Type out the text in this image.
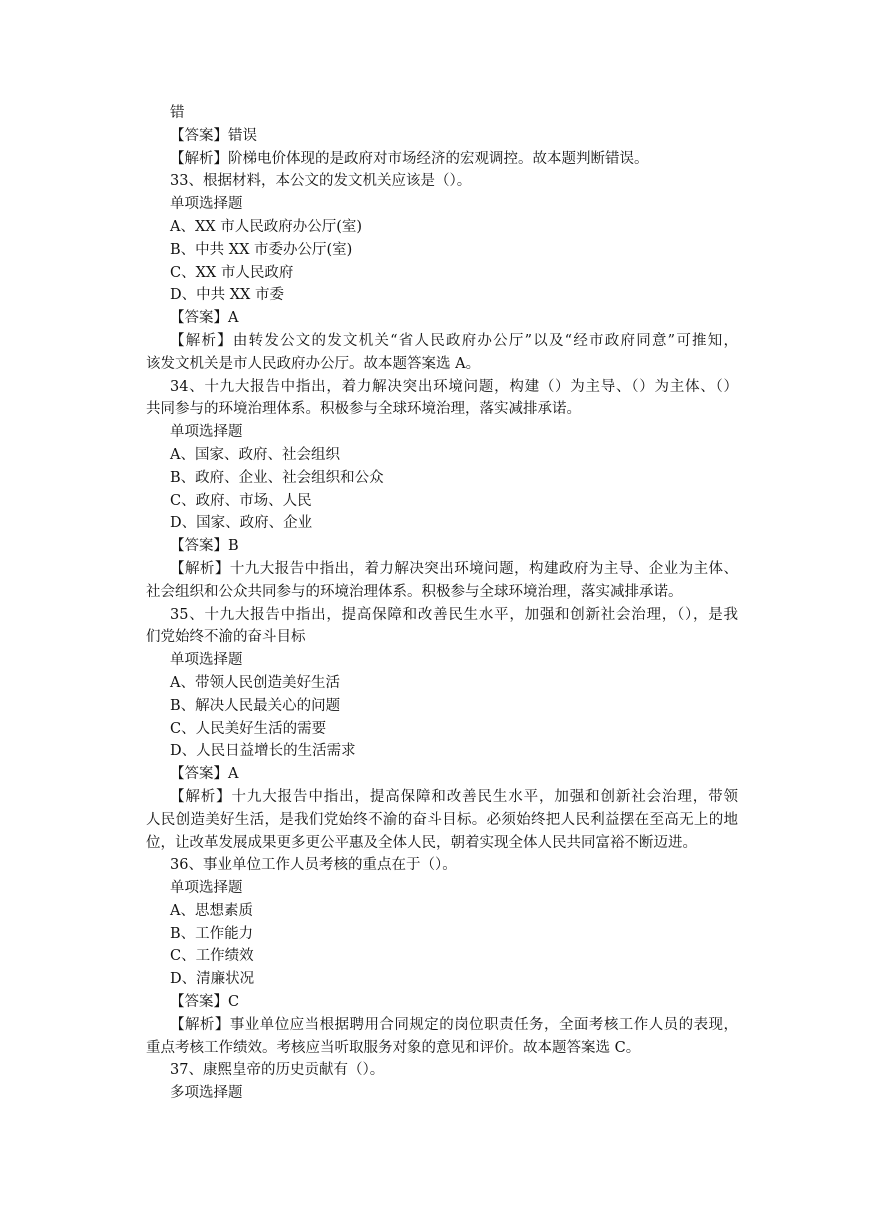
错
【答案】错误
【解析】阶梯电价体现的是政府对市场经济的宏观调控。故本题判断错误。
33、根据材料，本公文的发文机关应该是（）。
单项选择题
A、XX 市人民政府办公厅(室)
B、中共 XX 市委办公厅(室)
C、XX 市人民政府
D、中共 XX 市委
【答案】A
【解析】由转发公文的发文机关“省人民政府办公厅”以及“经市政府同意”可推知，
该发文机关是市人民政府办公厅。故本题答案选 A。
34、十九大报告中指出，着力解决突出环境问题，构建（）为主导、（）为主体、（）
共同参与的环境治理体系。积极参与全球环境治理，落实减排承诺。
单项选择题
A、国家、政府、社会组织
B、政府、企业、社会组织和公众
C、政府、市场、人民
D、国家、政府、企业
【答案】B
【解析】十九大报告中指出，着力解决突出环境问题，构建政府为主导、企业为主体、
社会组织和公众共同参与的环境治理体系。积极参与全球环境治理，落实减排承诺。
35、十九大报告中指出，提高保障和改善民生水平，加强和创新社会治理，（），是我
们党始终不渝的奋斗目标
单项选择题
A、带领人民创造美好生活
B、解决人民最关心的问题
C、人民美好生活的需要
D、人民日益增长的生活需求
【答案】A
【解析】十九大报告中指出，提高保障和改善民生水平，加强和创新社会治理，带领
人民创造美好生活，是我们党始终不渝的奋斗目标。必须始终把人民利益摆在至高无上的地
位，让改革发展成果更多更公平惠及全体人民，朝着实现全体人民共同富裕不断迈进。
36、事业单位工作人员考核的重点在于（）。
单项选择题
A、思想素质
B、工作能力
C、工作绩效
D、清廉状况
【答案】C
【解析】事业单位应当根据聘用合同规定的岗位职责任务，全面考核工作人员的表现，
重点考核工作绩效。考核应当听取服务对象的意见和评价。故本题答案选 C。
37、康熙皇帝的历史贡献有（）。
多项选择题
